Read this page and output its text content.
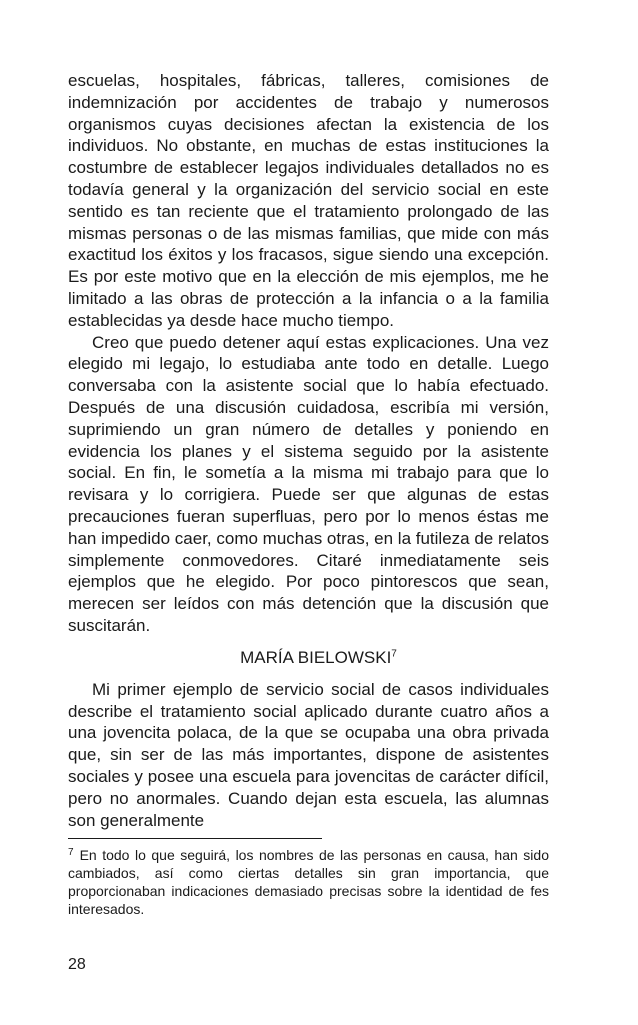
escuelas, hospitales, fábricas, talleres, comisiones de indemnización por accidentes de trabajo y numerosos organismos cuyas decisiones afectan la existencia de los individuos. No obstante, en muchas de estas instituciones la costumbre de establecer legajos individuales detallados no es todavía general y la organización del servicio social en este sentido es tan reciente que el tratamiento prolongado de las mismas personas o de las mismas familias, que mide con más exactitud los éxitos y los fracasos, sigue siendo una excepción. Es por este motivo que en la elección de mis ejemplos, me he limitado a las obras de protección a la infancia o a la familia establecidas ya desde hace mucho tiempo.

Creo que puedo detener aquí estas explicaciones. Una vez elegido mi legajo, lo estudiaba ante todo en detalle. Luego conversaba con la asistente social que lo había efectuado. Después de una discusión cuidadosa, escribía mi versión, suprimiendo un gran número de detalles y poniendo en evidencia los planes y el sistema seguido por la asistente social. En fin, le sometía a la misma mi trabajo para que lo revisara y lo corrigiera. Puede ser que algunas de estas precauciones fueran superfluas, pero por lo menos éstas me han impedido caer, como muchas otras, en la futileza de relatos simplemente conmovedores. Citaré inmediatamente seis ejemplos que he elegido. Por poco pintorescos que sean, merecen ser leídos con más detención que la discusión que suscitarán.

MARÍA BIELOWSKI$^7$

Mi primer ejemplo de servicio social de casos individuales describe el tratamiento social aplicado durante cuatro años a una jovencita polaca, de la que se ocupaba una obra privada que, sin ser de las más importantes, dispone de asistentes sociales y posee una escuela para jovencitas de carácter difícil, pero no anormales. Cuando dejan esta escuela, las alumnas son generalmente

$^7$ En todo lo que seguirá, los nombres de las personas en causa, han sido cambiados, así como ciertas detalles sin gran importancia, que proporcionaban indicaciones demasiado precisas sobre la identidad de fes interesados.

28
